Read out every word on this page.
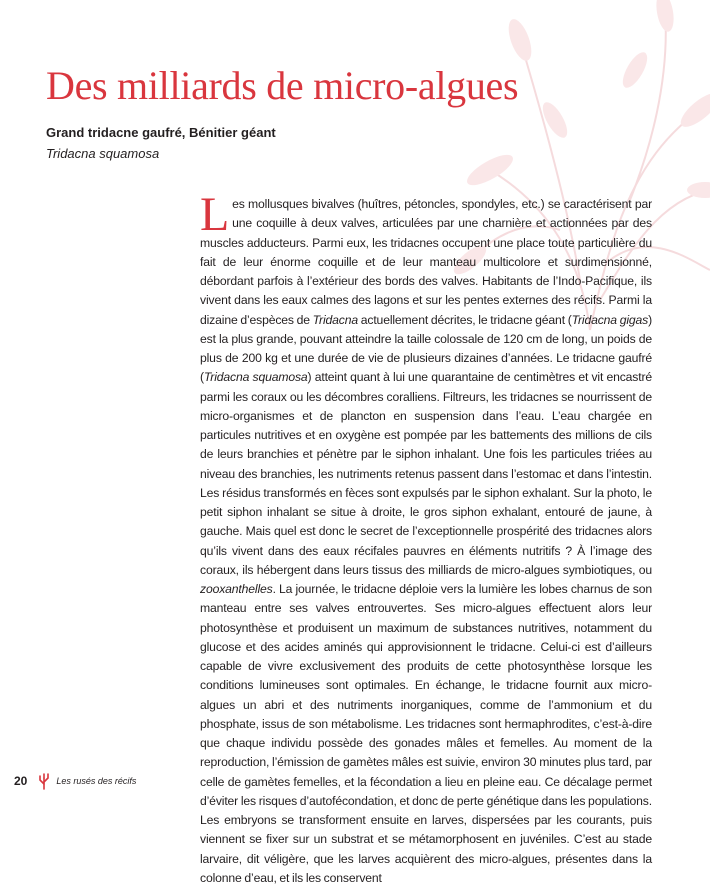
Des milliards de micro-algues
Grand tridacne gaufré, Bénitier géant
Tridacna squamosa

Les mollusques bivalves (huîtres, pétoncles, spondyles, etc.) se caractérisent par une coquille à deux valves, articulées par une charnière et actionnées par des muscles adducteurs. Parmi eux, les tridacnes occupent une place toute particulière du fait de leur énorme coquille et de leur manteau multicolore et surdimensionné, débordant parfois à l’extérieur des bords des valves. Habitants de l’Indo-Pacifique, ils vivent dans les eaux calmes des lagons et sur les pentes externes des récifs. Parmi la dizaine d’espèces de Tridacna actuellement décrites, le tridacne géant (Tridacna gigas) est la plus grande, pouvant atteindre la taille colossale de 120 cm de long, un poids de plus de 200 kg et une durée de vie de plusieurs dizaines d’années. Le tridacne gaufré (Tridacna squamosa) atteint quant à lui une quarantaine de centimètres et vit encastré parmi les coraux ou les décombres coralliens. Filtreurs, les tridacnes se nourrissent de micro-organismes et de plancton en suspension dans l’eau. L’eau chargée en particules nutritives et en oxygène est pompée par les battements des millions de cils de leurs branchies et pénètre par le siphon inhalant. Une fois les particules triées au niveau des branchies, les nutriments retenus passent dans l’estomac et dans l’intestin. Les résidus transformés en fèces sont expulsés par le siphon exhalant. Sur la photo, le petit siphon inhalant se situe à droite, le gros siphon exhalant, entouré de jaune, à gauche. Mais quel est donc le secret de l’exceptionnelle prospérité des tridacnes alors qu’ils vivent dans des eaux récifales pauvres en éléments nutritifs ? À l’image des coraux, ils hébergent dans leurs tissus des milliards de micro-algues symbiotiques, ou zooxanthelles. La journée, le tridacne déploie vers la lumière les lobes charnus de son manteau entre ses valves entrouvertes. Ses micro-algues effectuent alors leur photosynthèse et produisent un maximum de substances nutritives, notamment du glucose et des acides aminés qui approvisionnent le tridacne. Celui-ci est d’ailleurs capable de vivre exclusivement des produits de cette photosynthèse lorsque les conditions lumineuses sont optimales. En échange, le tridacne fournit aux micro-algues un abri et des nutriments inorganiques, comme de l’ammonium et du phosphate, issus de son métabolisme. Les tridacnes sont hermaphrodites, c’est-à-dire que chaque individu possède des gonades mâles et femelles. Au moment de la reproduction, l’émission de gamètes mâles est suivie, environ 30 minutes plus tard, par celle de gamètes femelles, et la fécondation a lieu en pleine eau. Ce décalage permet d’éviter les risques d’autofécondation, et donc de perte génétique dans les populations. Les embryons se transforment ensuite en larves, dispersées par les courants, puis viennent se fixer sur un substrat et se métamorphosent en juvéniles. C’est au stade larvaire, dit véligère, que les larves acquièrent des micro-algues, présentes dans la colonne d’eau, et ils les conservent

20	Les rusés des récifs
